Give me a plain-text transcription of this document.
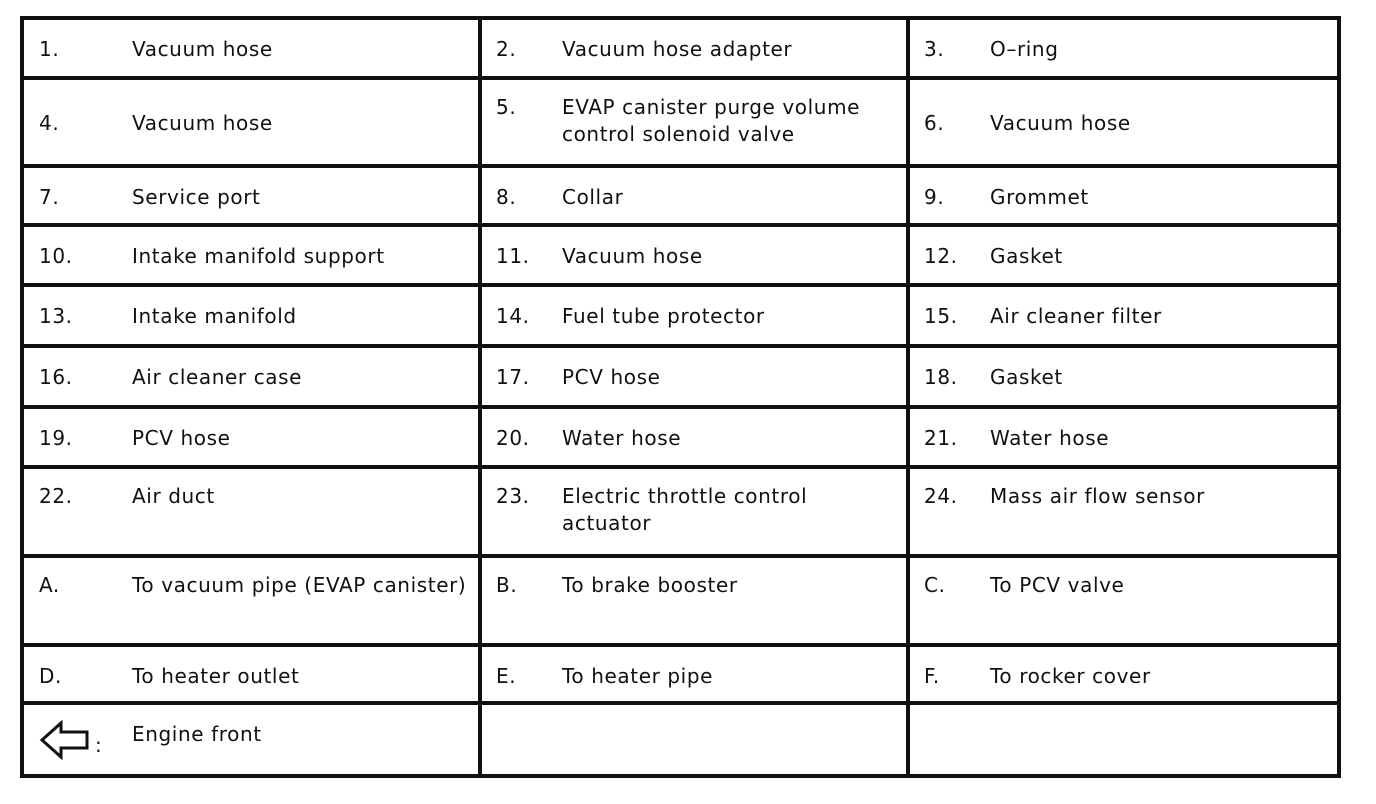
1. Vacuum hose	2. Vacuum hose adapter	3. O–ring

4. Vacuum hose	5. EVAP canister purge volume control solenoid valve	6. Vacuum hose

7. Service port	8. Collar	9. Grommet

10. Intake manifold support	11. Vacuum hose	12. Gasket

13. Intake manifold	14. Fuel tube protector	15. Air cleaner filter

16. Air cleaner case	17. PCV hose	18. Gasket

19. PCV hose	20. Water hose	21. Water hose

22. Air duct	23. Electric throttle control actuator	24. Mass air flow sensor

A. To vacuum pipe (EVAP canister)	B. To brake booster	C. To PCV valve

D. To heater outlet	E. To heater pipe	F. To rocker cover

: Engine front		
